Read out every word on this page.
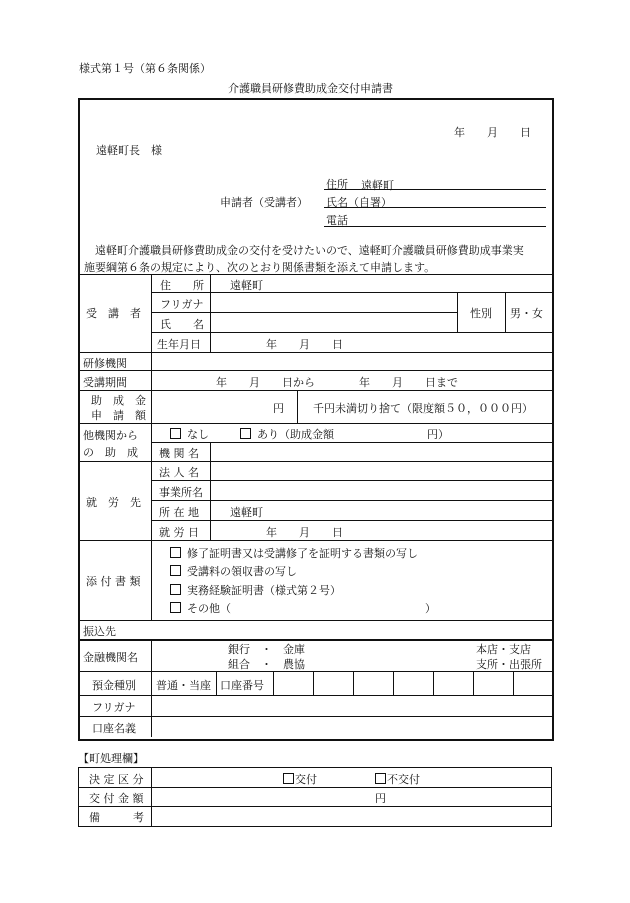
様式第１号（第６条関係）
介護職員研修費助成金交付申請書
年　　月　　日
遠軽町長　様
申請者（受講者）
住所 遠軽町
氏名（自署）
電話
遠軽町介護職員研修費助成金の交付を受けたいので、遠軽町介護職員研修費助成事業実
施要綱第６条の規定により、次のとおり関係書類を添えて申請します。
受　講　者
住　　所 遠軽町
フリガナ
氏　　名
性別 男・女
生年月日	年　　月　　日
研修機関
受講期間	年　　月　　日から　　　　年　　月　　日まで
助　成　金
申　請　額
円	千円未満切り捨て（限度額５０，０００円）
他機関から
の　助　成
なし	あり（助成金額	円）
機 関 名
就　労　先
法 人 名
事業所名
所 在 地	遠軽町
就 労 日	年　　月　　日
添 付 書 類
修了証明書又は受講修了を証明する書類の写し
受講料の領収書の写し
実務経験証明書（様式第２号）
その他（	）
振込先
金融機関名
銀行　・　金庫
組合　・　農協
本店・支店
支所・出張所
預金種別 普通・当座 口座番号
フリガナ
口座名義
【町処理欄】
決 定 区 分	交付	不交付
交 付 金 額	円
備　　　考
